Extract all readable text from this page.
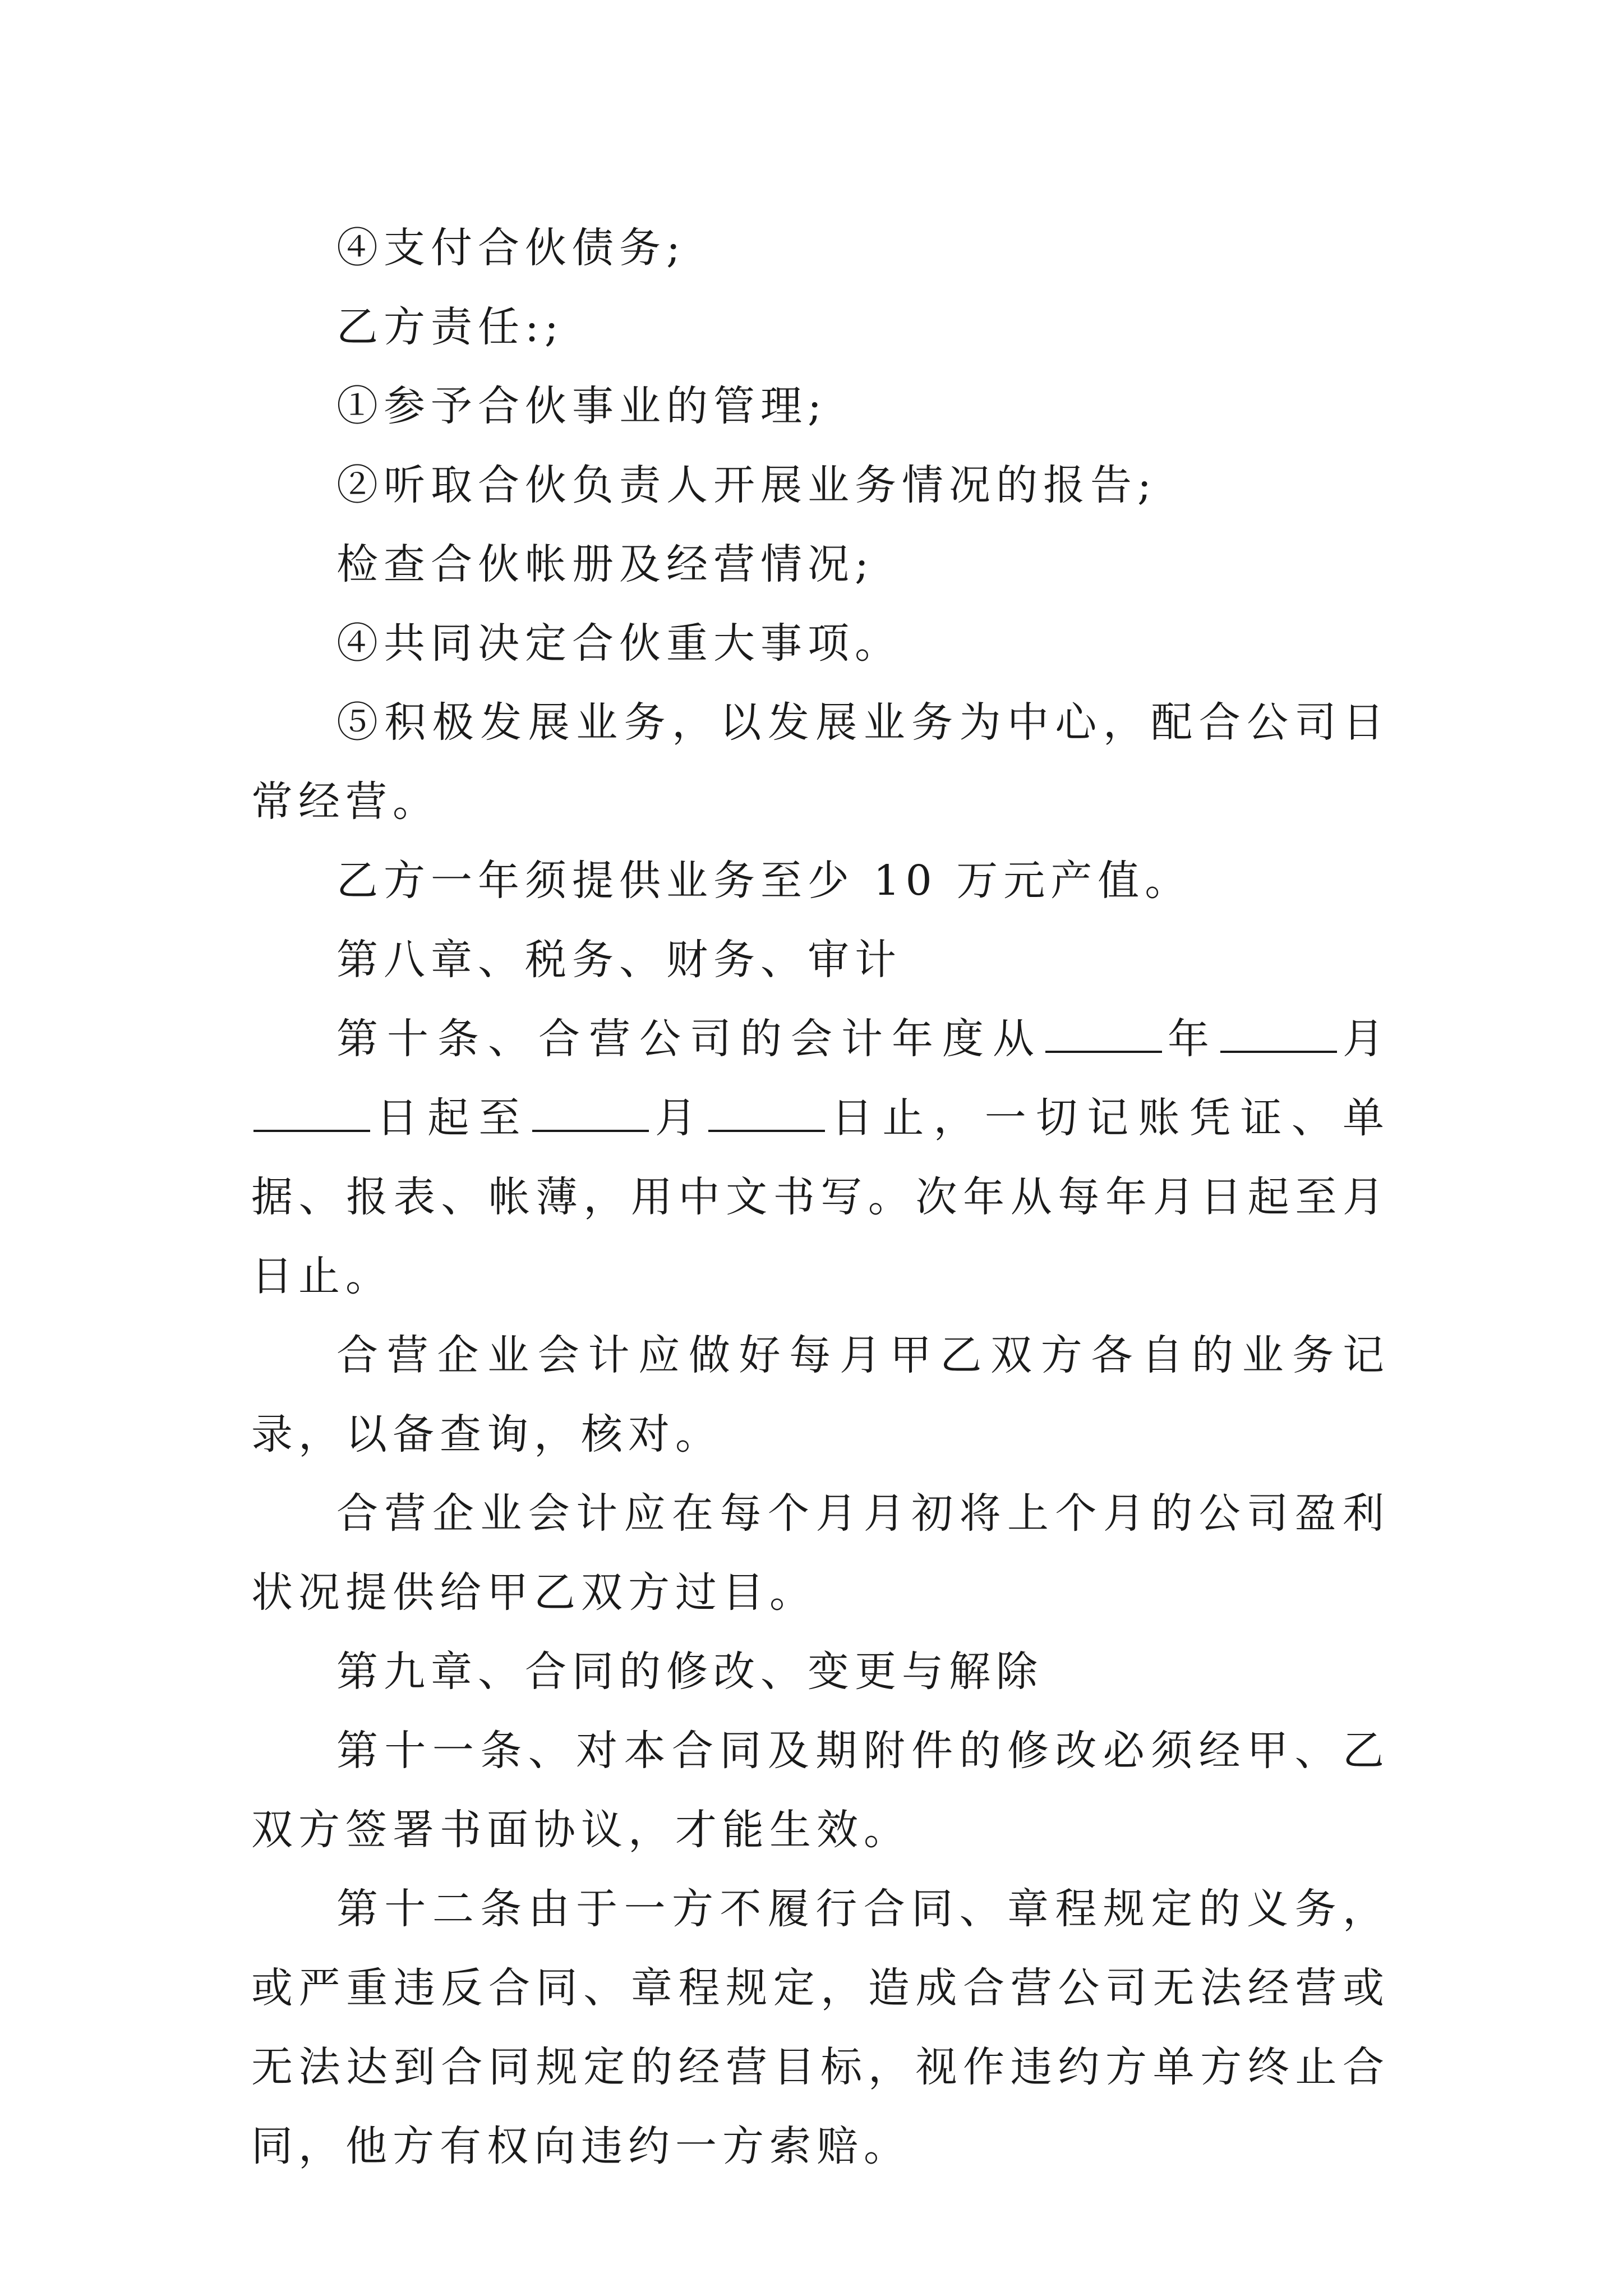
④支付合伙债务;

乙方责任:;

①参予合伙事业的管理;

②听取合伙负责人开展业务情况的报告;

检查合伙帐册及经营情况;

④共同决定合伙重大事项。

⑤积极发展业务，以发展业务为中心，配合公司日常经营。

乙方一年须提供业务至少 10 万元产值。

第八章、税务、财务、审计

第十条、合营公司的会计年度从	年	月日起至	月	日止，一切记账凭证、单据、报表、帐薄，用中文书写。次年从每年月日起至月日止。

合营企业会计应做好每月甲乙双方各自的业务记录，以备查询，核对。

合营企业会计应在每个月月初将上个月的公司盈利状况提供给甲乙双方过目。

第九章、合同的修改、变更与解除

第十一条、对本合同及期附件的修改必须经甲、乙双方签署书面协议，才能生效。

第十二条由于一方不履行合同、章程规定的义务，或严重违反合同、章程规定，造成合营公司无法经营或无法达到合同规定的经营目标，视作违约方单方终止合同，他方有权向违约一方索赔。
